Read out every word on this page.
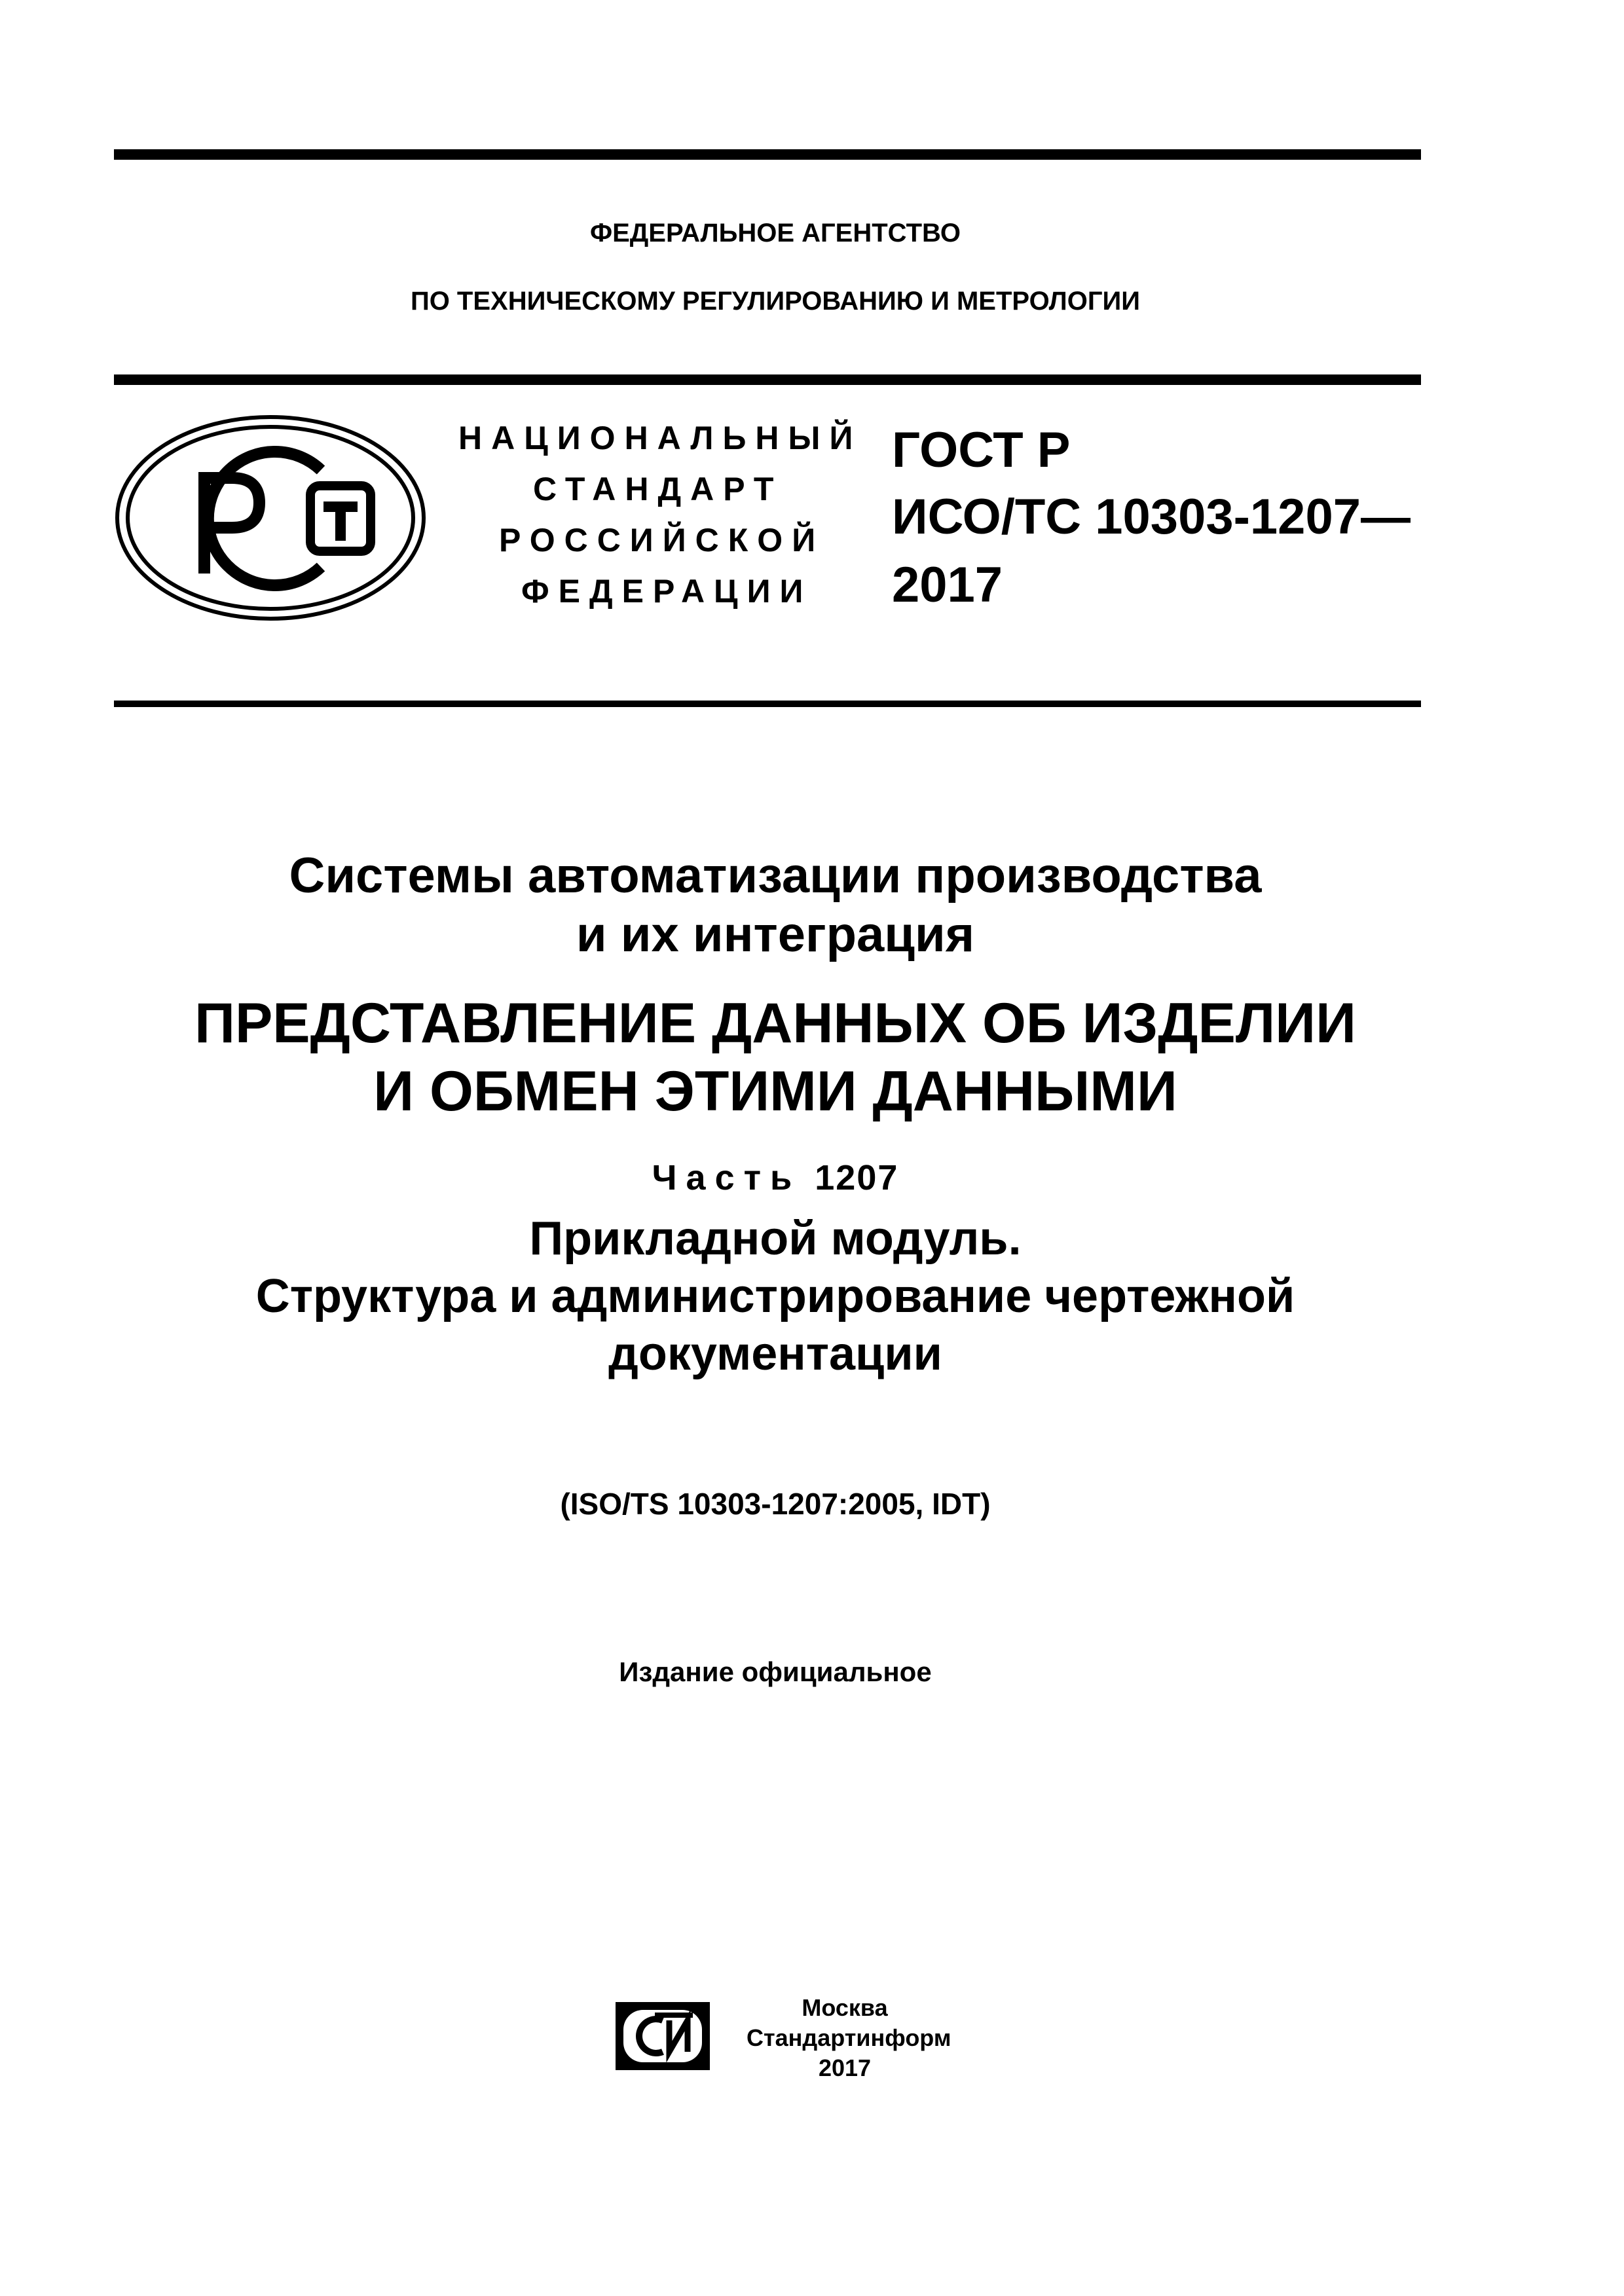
ФЕДЕРАЛЬНОЕ АГЕНТСТВО
ПО ТЕХНИЧЕСКОМУ РЕГУЛИРОВАНИЮ И МЕТРОЛОГИИ
НАЦИОНАЛЬНЫЙ
СТАНДАРТ
РОССИЙСКОЙ
ФЕДЕРАЦИИ
ГОСТ Р
ИСО/ТС 10303-1207—
2017
Системы автоматизации производства
и их интеграция
ПРЕДСТАВЛЕНИЕ ДАННЫХ ОБ ИЗДЕЛИИ
И ОБМЕН ЭТИМИ ДАННЫМИ
Часть 1207
Прикладной модуль.
Структура и администрирование чертежной
документации
(ISO/TS 10303-1207:2005, IDT)
Издание официальное
Москва
Стандартинформ
2017
